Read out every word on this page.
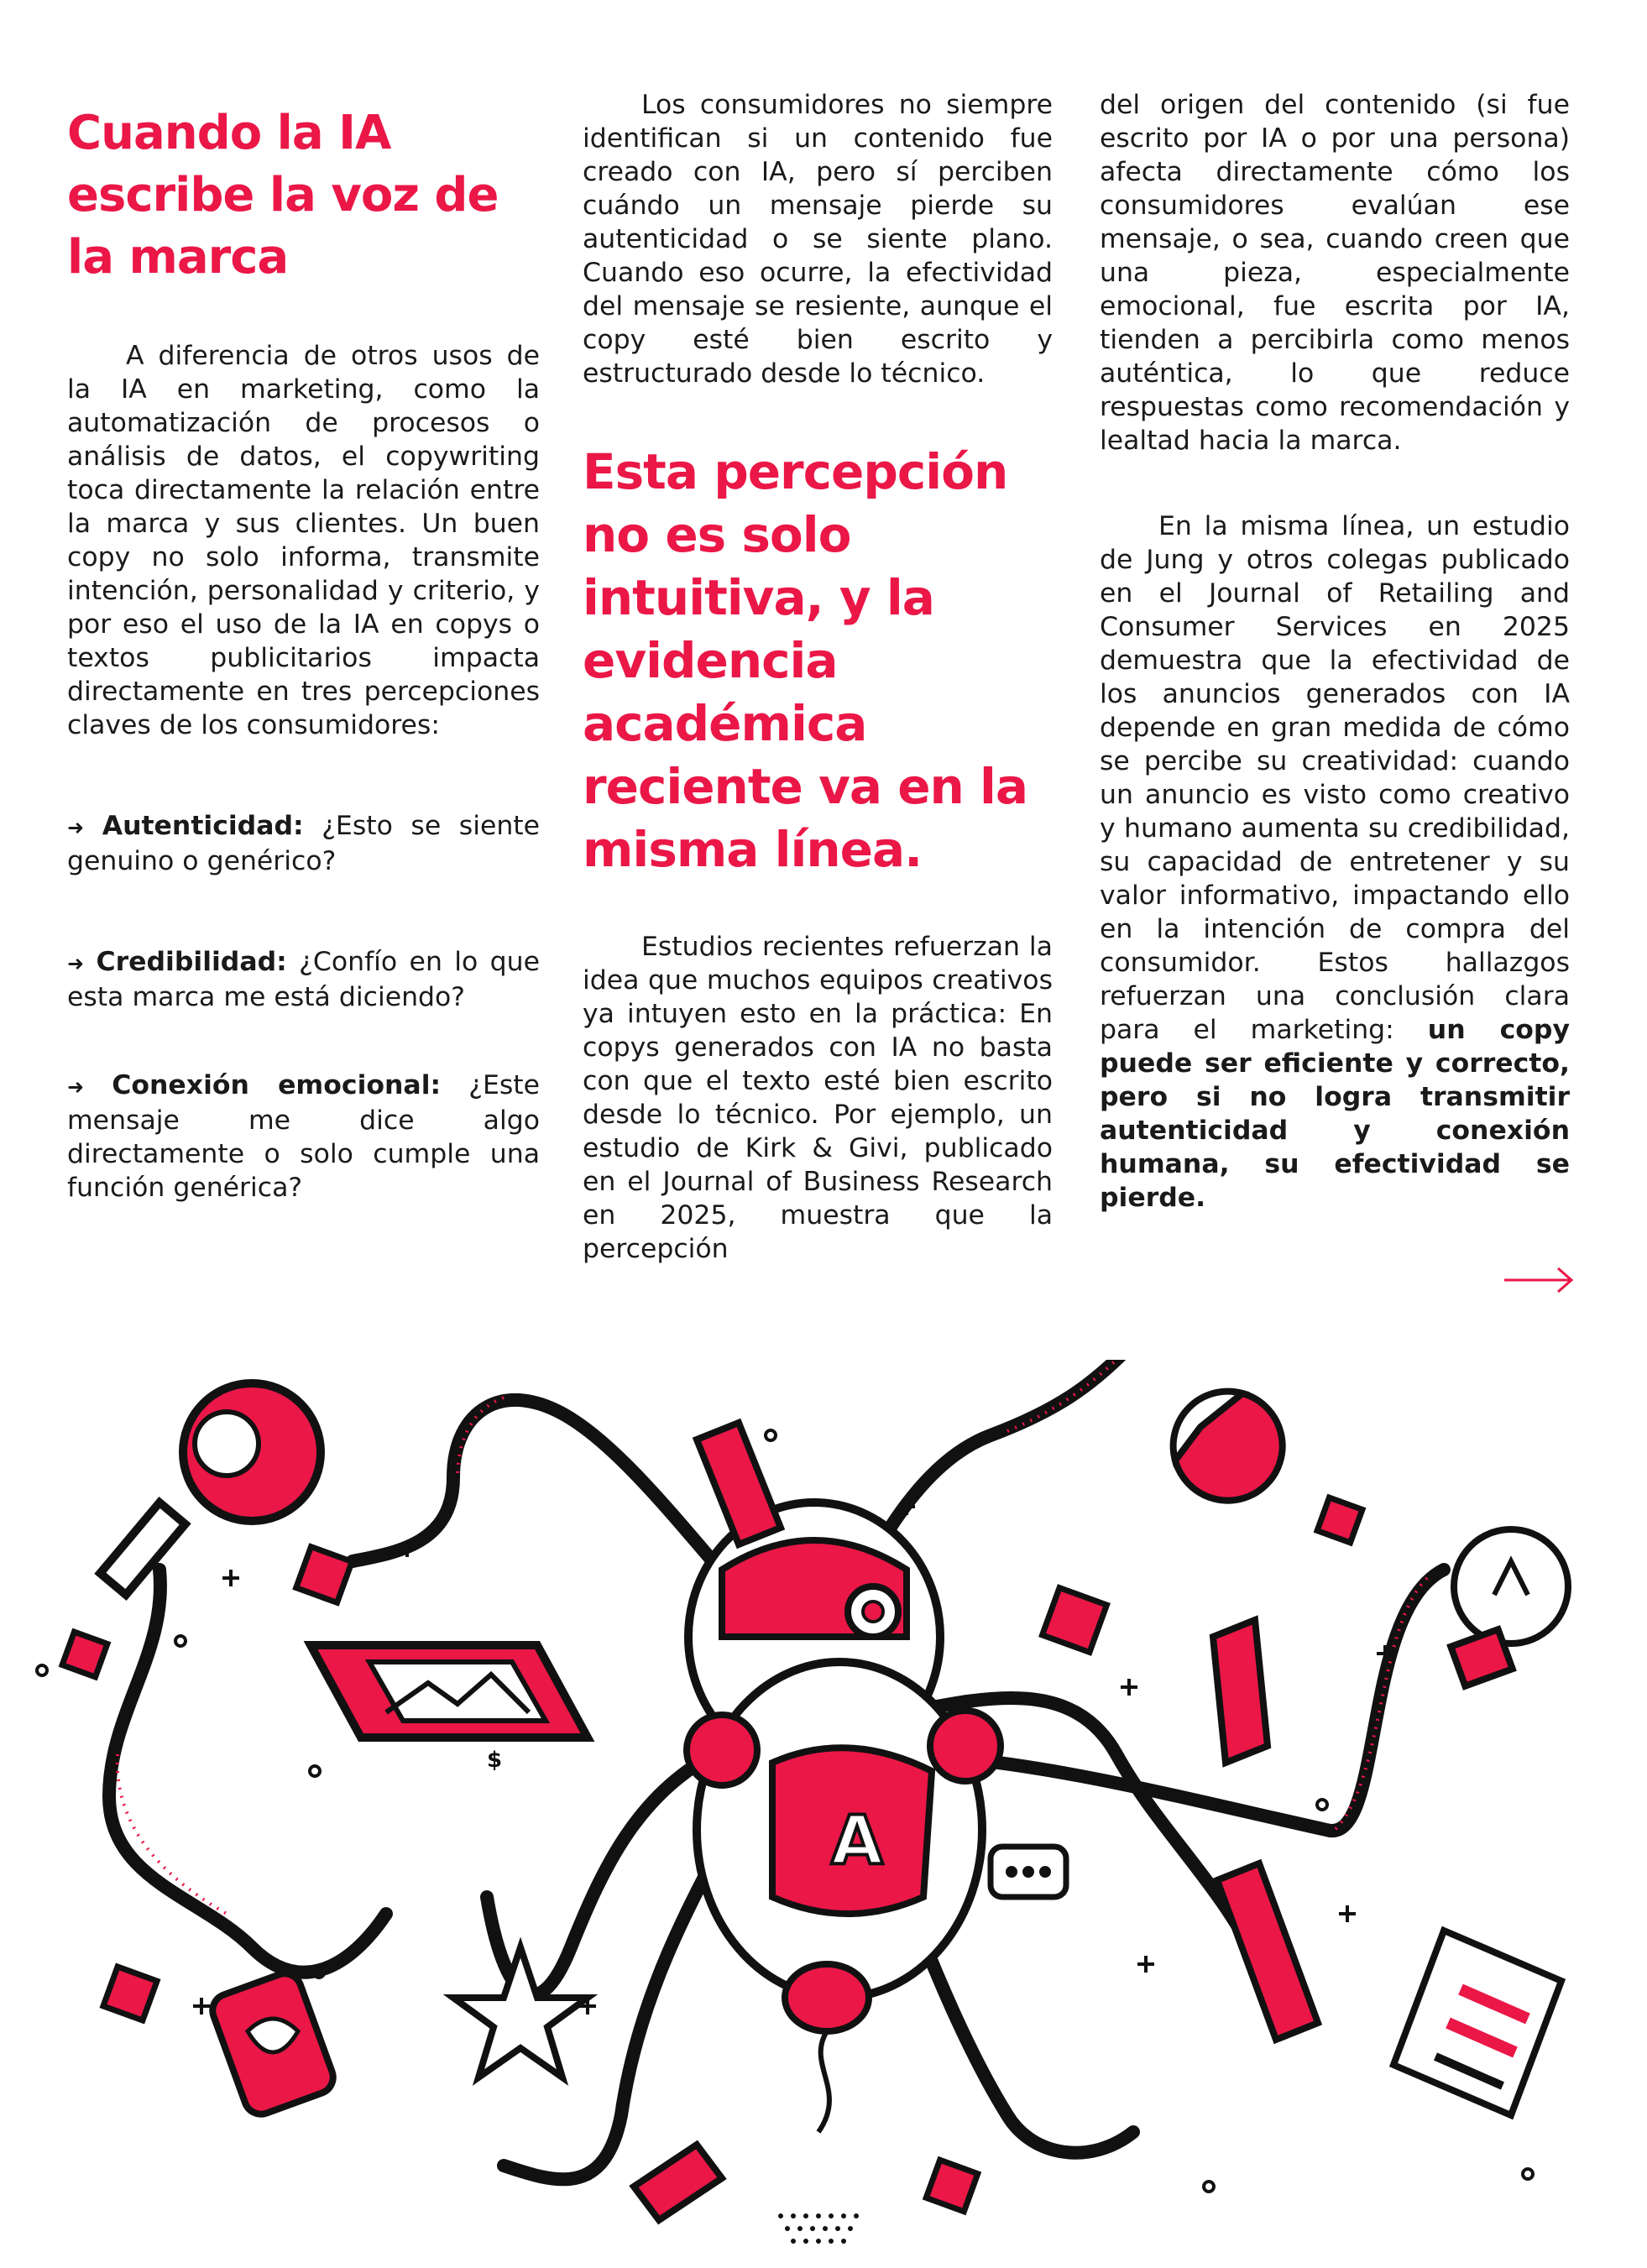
Cuando la IA escribe la voz de la marca

A diferencia de otros usos de la IA en marketing, como la automatización de procesos o análisis de datos, el copywriting toca directamente la relación entre la marca y sus clientes. Un buen copy no solo informa, transmite intención, personalidad y criterio, y por eso el uso de la IA en copys o textos publicitarios impacta directamente en tres percepciones claves de los consumidores:

➜ Autenticidad: ¿Esto se siente genuino o genérico?

➜ Credibilidad: ¿Confío en lo que esta marca me está diciendo?

➜ Conexión emocional: ¿Este mensaje me dice algo directamente o solo cumple una función genérica?

Los consumidores no siempre identifican si un contenido fue creado con IA, pero sí perciben cuándo un mensaje pierde su autenticidad o se siente plano. Cuando eso ocurre, la efectividad del mensaje se resiente, aunque el copy esté bien escrito y estructurado desde lo técnico.

Esta percepción no es solo intuitiva, y la evidencia académica reciente va en la misma línea.

Estudios recientes refuerzan la idea que muchos equipos creativos ya intuyen esto en la práctica: En copys generados con IA no basta con que el texto esté bien escrito desde lo técnico. Por ejemplo, un estudio de Kirk & Givi, publicado en el Journal of Business Research en 2025, muestra que la percepción

del origen del contenido (si fue escrito por IA o por una persona) afecta directamente cómo los consumidores evalúan ese mensaje, o sea, cuando creen que una pieza, especialmente emocional, fue escrita por IA, tienden a percibirla como menos auténtica, lo que reduce respuestas como recomendación y lealtad hacia la marca.

En la misma línea, un estudio de Jung y otros colegas publicado en el Journal of Retailing and Consumer Services en 2025 demuestra que la efectividad de los anuncios generados con IA depende en gran medida de cómo se percibe su creatividad: cuando un anuncio es visto como creativo y humano aumenta su credibilidad, su capacidad de entretener y su valor informativo, impactando ello en la intención de compra del consumidor. Estos hallazgos refuerzan una conclusión clara para el marketing: un copy puede ser eficiente y correcto, pero si no logra transmitir autenticidad y conexión humana, su efectividad se pierde.

$
A
